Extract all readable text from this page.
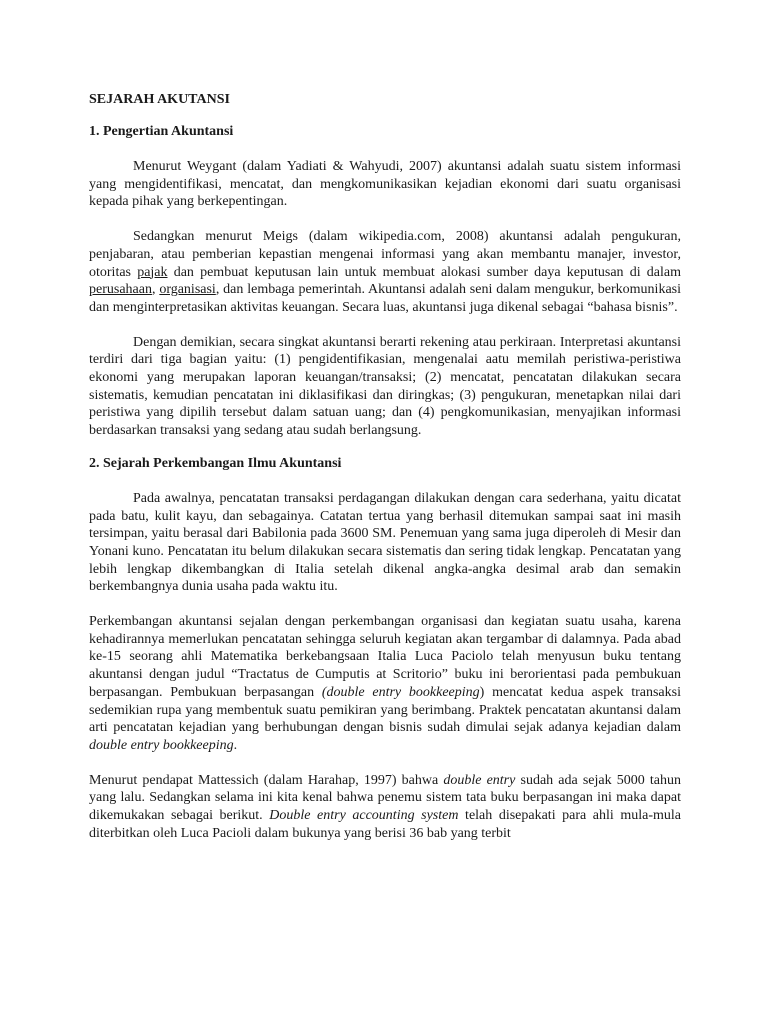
SEJARAH AKUTANSI
1. Pengertian Akuntansi

Menurut Weygant (dalam Yadiati & Wahyudi, 2007) akuntansi adalah suatu sistem informasi yang mengidentifikasi, mencatat, dan mengkomunikasikan kejadian ekonomi dari suatu organisasi kepada pihak yang berkepentingan.

Sedangkan menurut Meigs (dalam wikipedia.com, 2008) akuntansi adalah pengukuran, penjabaran, atau pemberian kepastian mengenai informasi yang akan membantu manajer, investor, otoritas pajak dan pembuat keputusan lain untuk membuat alokasi sumber daya keputusan di dalam perusahaan, organisasi, dan lembaga pemerintah. Akuntansi adalah seni dalam mengukur, berkomunikasi dan menginterpretasikan aktivitas keuangan. Secara luas, akuntansi juga dikenal sebagai “bahasa bisnis”.

Dengan demikian, secara singkat akuntansi berarti rekening atau perkiraan. Interpretasi akuntansi terdiri dari tiga bagian yaitu: (1) pengidentifikasian, mengenalai aatu memilah peristiwa-peristiwa ekonomi yang merupakan laporan keuangan/transaksi; (2) mencatat, pencatatan dilakukan secara sistematis, kemudian pencatatan ini diklasifikasi dan diringkas; (3) pengukuran, menetapkan nilai dari peristiwa yang dipilih tersebut dalam satuan uang; dan (4) pengkomunikasian, menyajikan informasi berdasarkan transaksi yang sedang atau sudah berlangsung.

2. Sejarah Perkembangan Ilmu Akuntansi

Pada awalnya, pencatatan transaksi perdagangan dilakukan dengan cara sederhana, yaitu dicatat pada batu, kulit kayu, dan sebagainya. Catatan tertua yang berhasil ditemukan sampai saat ini masih tersimpan, yaitu berasal dari Babilonia pada 3600 SM. Penemuan yang sama juga diperoleh di Mesir dan Yonani kuno. Pencatatan itu belum dilakukan secara sistematis dan sering tidak lengkap. Pencatatan yang lebih lengkap dikembangkan di Italia setelah dikenal angka-angka desimal arab dan semakin berkembangnya dunia usaha pada waktu itu.

Perkembangan akuntansi sejalan dengan perkembangan organisasi dan kegiatan suatu usaha, karena kehadirannya memerlukan pencatatan sehingga seluruh kegiatan akan tergambar di dalamnya. Pada abad ke-15 seorang ahli Matematika berkebangsaan Italia Luca Paciolo telah menyusun buku tentang akuntansi dengan judul “Tractatus de Cumputis at Scritorio” buku ini berorientasi pada pembukuan berpasangan. Pembukuan berpasangan (double entry bookkeeping) mencatat kedua aspek transaksi sedemikian rupa yang membentuk suatu pemikiran yang berimbang. Praktek pencatatan akuntansi dalam arti pencatatan kejadian yang berhubungan dengan bisnis sudah dimulai sejak adanya kejadian dalam double entry bookkeeping.

Menurut pendapat Mattessich (dalam Harahap, 1997) bahwa double entry sudah ada sejak 5000 tahun yang lalu. Sedangkan selama ini kita kenal bahwa penemu sistem tata buku berpasangan ini maka dapat dikemukakan sebagai berikut. Double entry accounting system telah disepakati para ahli mula-mula diterbitkan oleh Luca Pacioli dalam bukunya yang berisi 36 bab yang terbit
